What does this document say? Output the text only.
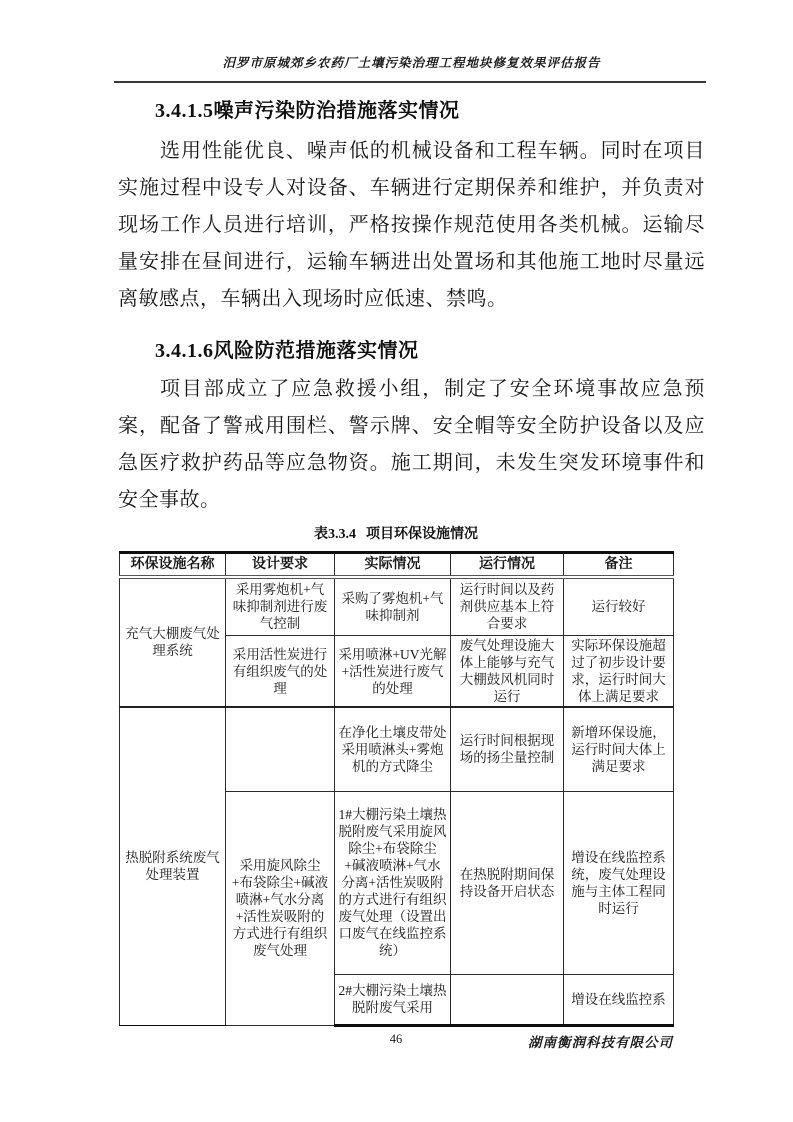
汨罗市原城郊乡农药厂土壤污染治理工程地块修复效果评估报告
3.4.1.5噪声污染防治措施落实情况
选用性能优良、噪声低的机械设备和工程车辆。同时在项目实施过程中设专人对设备、车辆进行定期保养和维护，并负责对现场工作人员进行培训，严格按操作规范使用各类机械。运输尽量安排在昼间进行，运输车辆进出处置场和其他施工地时尽量远离敏感点，车辆出入现场时应低速、禁鸣。
3.4.1.6风险防范措施落实情况
项目部成立了应急救援小组，制定了安全环境事故应急预案，配备了警戒用围栏、警示牌、安全帽等安全防护设备以及应急医疗救护药品等应急物资。施工期间，未发生突发环境事件和安全事故。
表3.3.4 项目环保设施情况
环保设施名称	设计要求	实际情况	运行情况	备注
充气大棚废气处理系统	采用雾炮机+气味抑制剂进行废气控制	采购了雾炮机+气味抑制剂	运行时间以及药剂供应基本上符合要求	运行较好
	采用活性炭进行有组织废气的处理	采用喷淋+UV光解+活性炭进行废气的处理	废气处理设施大体上能够与充气大棚鼓风机同时运行	实际环保设施超过了初步设计要求，运行时间大体上满足要求
热脱附系统废气处理装置		在净化土壤皮带处采用喷淋头+雾炮机的方式降尘	运行时间根据现场的扬尘量控制	新增环保设施，运行时间大体上满足要求
	采用旋风除尘+布袋除尘+碱液喷淋+气水分离+活性炭吸附的方式进行有组织废气处理	1#大棚污染土壤热脱附废气采用旋风除尘+布袋除尘+碱液喷淋+气水分离+活性炭吸附的方式进行有组织废气处理（设置出口废气在线监控系统）	在热脱附期间保持设备开启状态	增设在线监控系统，废气处理设施与主体工程同时运行
		2#大棚污染土壤热脱附废气采用		增设在线监控系
46	湖南衡润科技有限公司
